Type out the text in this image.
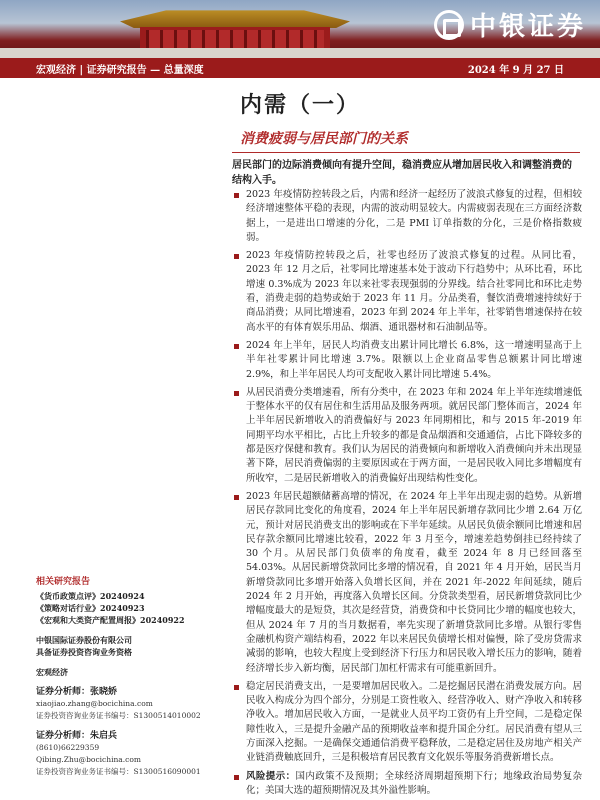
中银证券
宏观经济 | 证券研究报告 — 总量深度	2024 年 9 月 27 日
内需（一）
消费疲弱与居民部门的关系
居民部门的边际消费倾向有提升空间，稳消费应从增加居民收入和调整消费的结构入手。

2023 年疫情防控转段之后，内需和经济一起经历了波浪式修复的过程，但相较经济增速整体平稳的表现，内需的波动明显较大。内需疲弱表现在三方面经济数据上，一是进出口增速的分化，二是 PMI 订单指数的分化，三是价格指数疲弱。

2023 年疫情防控转段之后，社零也经历了波浪式修复的过程。从同比看，2023 年 12 月之后，社零同比增速基本处于波动下行趋势中；从环比看，环比增速 0.3%成为 2023 年以来社零表现强弱的分界线。结合社零同比和环比走势看，消费走弱的趋势或始于 2023 年 11 月。分品类看，餐饮消费增速持续好于商品消费；从同比增速看，2023 年到 2024 年上半年，社零销售增速保持在较高水平的有体育娱乐用品、烟酒、通讯器材和石油制品等。

2024 年上半年，居民人均消费支出累计同比增长 6.8%，这一增速明显高于上半年社零累计同比增速 3.7%。限额以上企业商品零售总额累计同比增速 2.9%，和上半年居民人均可支配收入累计同比增速 5.4%。

从居民消费分类增速看，所有分类中，在 2023 年和 2024 年上半年连续增速低于整体水平的仅有居住和生活用品及服务两项。就居民部门整体而言，2024 年上半年居民新增收入的消费偏好与 2023 年同期相比，和与 2015 年-2019 年同期平均水平相比，占比上升较多的都是食品烟酒和交通通信，占比下降较多的都是医疗保健和教育。我们认为居民的消费倾向和新增收入消费倾向并未出现显著下降，居民消费偏弱的主要原因或在于两方面，一是居民收入同比多增幅度有所收窄，二是居民新增收入的消费偏好出现结构性变化。

2023 年居民超额储蓄高增的情况，在 2024 年上半年出现走弱的趋势。从新增居民存款同比变化的角度看，2024 年上半年居民新增存款同比少增 2.64 万亿元，预计对居民消费支出的影响或在下半年延续。从居民负债余额同比增速和居民存款余额同比增速比较看，2022 年 3 月至今，增速差趋势倒挂已经持续了 30 个月。从居民部门负债率的角度看，截至 2024 年 8 月已经回落至 54.03%。从居民新增贷款同比多增的情况看，自 2021 年 4 月开始，居民当月新增贷款同比多增开始落入负增长区间，并在 2021 年-2022 年间延续，随后 2024 年 2 月开始，再度落入负增长区间。分贷款类型看，居民新增贷款同比少增幅度最大的是短贷，其次是经营贷，消费贷和中长贷同比少增的幅度也较大，但从 2024 年 7 月的当月数据看，率先实现了新增贷款同比多增。从银行零售金融机构资产端结构看，2022 年以来居民负债增长相对偏慢，除了受房贷需求减弱的影响，也较大程度上受到经济下行压力和居民收入增长压力的影响，随着经济增长步入新均衡，居民部门加杠杆需求有可能重新回升。

稳定居民消费支出，一是要增加居民收入。二是挖掘居民潜在消费发展方向。居民收入构成分为四个部分，分别是工资性收入、经营净收入、财产净收入和转移净收入。增加居民收入方面，一是就业人员平均工资仍有上升空间，二是稳定保障性收入，三是提升金融产品的预期收益率和提升国企分红。居民消费有望从三方面深入挖掘。一是确保交通通信消费平稳释放，二是稳定居住及房地产相关产业链消费触底回升，三是积极培育居民教育文化娱乐等服务消费新增长点。

风险提示：国内政策不及预期；全球经济周期超预期下行；地缘政治局势复杂化；美国大选的超预期情况及其外溢性影响。

相关研究报告
《货币政策点评》20240924
《策略对话行业》20240923
《宏观和大类资产配置周报》20240922
中银国际证券股份有限公司
具备证券投资咨询业务资格
宏观经济
证券分析师：张晓娇
xiaojiao.zhang@bocichina.com
证券投资咨询业务证书编号：S1300514010002
证券分析师：朱启兵
(8610)66229359
Qibing.Zhu@bocichina.com
证券投资咨询业务证书编号：S1300516090001
